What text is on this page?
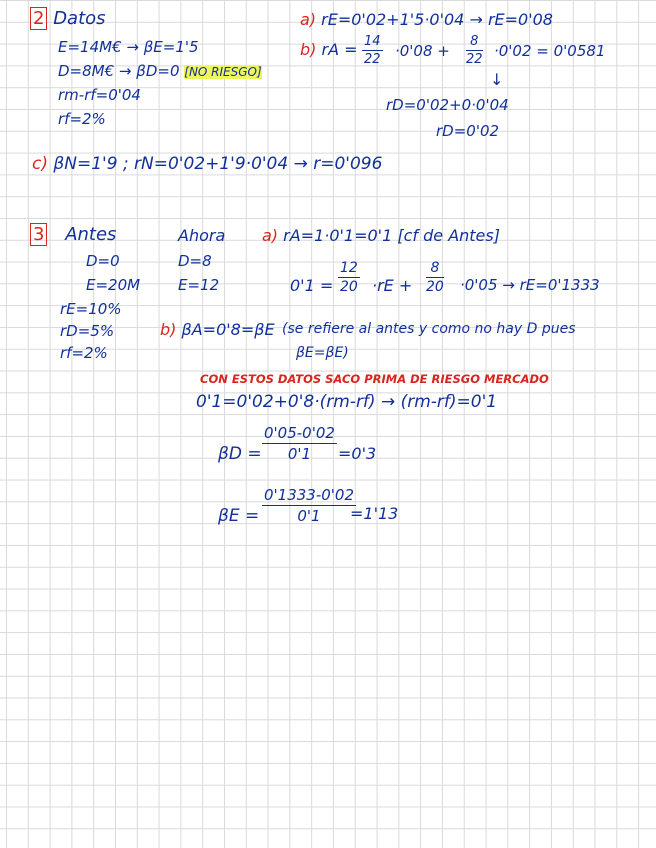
2 Datos
E=14M€ → βE=1'5
D=8M€ → βD=0 [NO RIESGO]
rm-rf=0'04
rf=2%
a) rE=0'02+1'5·0'04 → rE=0'08
b) rA = $\frac{14}{22} \cdot 0'08 + \frac{8}{22} \cdot 0'02 = 0'0581$
↓
rD=0'02+0·0'04
rD=0'02
c) βN=1'9 ; rN=0'02+1'9·0'04 → r=0'096
3 Antes
D=0
E=20M
rE=10%
rD=5%
rf=2%
Ahora
D=8
E=12
a) rA=1·0'1=0'1 [cf de Antes]
$0'1 = \frac{12}{20} \cdot rE + \frac{8}{20} \cdot 0'05 \to rE=0'1333$
b) βA=0'8=βE (se refiere al antes y como no hay D pues
βE=βE)
CON ESTOS DATOS SACO PRIMA DE RIESGO MERCADO
0'1=0'02+0'8·(rm-rf) → (rm-rf)=0'1
$\beta D = \frac{0'05-0'02}{0'1} =0'3$
$\beta E = \frac{0'1333-0'02}{0'1}$
=1'13
